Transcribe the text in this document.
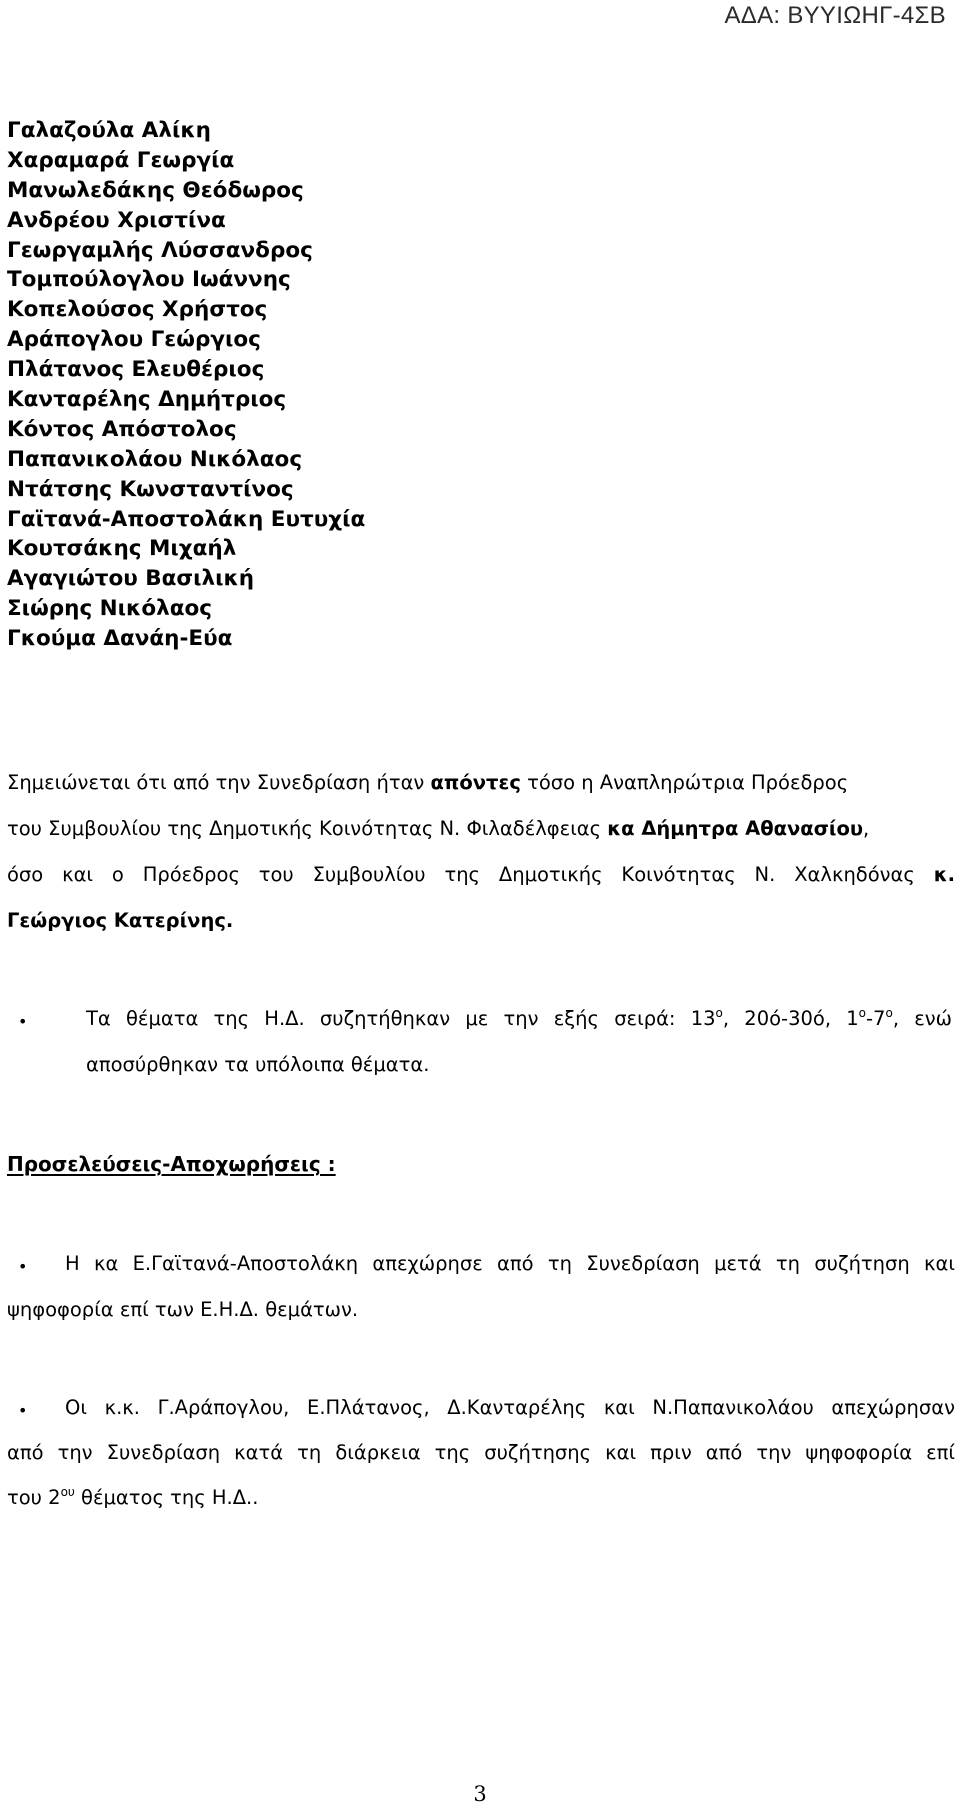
ΑΔΑ: ΒΥΥΙΩΗΓ-4ΣΒ
Γαλαζούλα Αλίκη
Χαραμαρά Γεωργία
Μανωλεδάκης Θεόδωρος
Ανδρέου Χριστίνα
Γεωργαμλής Λύσσανδρος
Τομπούλογλου Ιωάννης
Κοπελούσος Χρήστος
Αράπογλου Γεώργιος
Πλάτανος Ελευθέριος
Κανταρέλης Δημήτριος
Κόντος Απόστολος
Παπανικολάου Νικόλαος
Ντάτσης Κωνσταντίνος
Γαϊτανά-Αποστολάκη Ευτυχία
Κουτσάκης Μιχαήλ
Αγαγιώτου Βασιλική
Σιώρης Νικόλαος
Γκούμα Δανάη-Εύα
Σημειώνεται ότι από την Συνεδρίαση ήταν απόντες τόσο η Αναπληρώτρια Πρόεδρος
του Συμβουλίου της Δημοτικής Κοινότητας Ν. Φιλαδέλφειας κα Δήμητρα Αθανασίου,
όσο και ο Πρόεδρος του Συμβουλίου της Δημοτικής Κοινότητας Ν. Χαλκηδόνας κ.
Γεώργιος Κατερίνης.
•	Τα θέματα της Η.Δ. συζητήθηκαν με την εξής σειρά: $13^o$, 20ό-30ό, $1^o-7^o$, ενώ
αποσύρθηκαν τα υπόλοιπα θέματα.
Προσελεύσεις-Αποχωρήσεις :
•	Η κα Ε.Γαϊτανά-Αποστολάκη απεχώρησε από τη Συνεδρίαση μετά τη συζήτηση και
ψηφοφορία επί των Ε.Η.Δ. θεμάτων.
•	Οι κ.κ. Γ.Αράπογλου, Ε.Πλάτανος, Δ.Κανταρέλης και Ν.Παπανικολάου απεχώρησαν
από την Συνεδρίαση κατά τη διάρκεια της συζήτησης και πριν από την ψηφοφορία επί
του $2^{o\upsilon}$ θέματος της Η.Δ..
3
